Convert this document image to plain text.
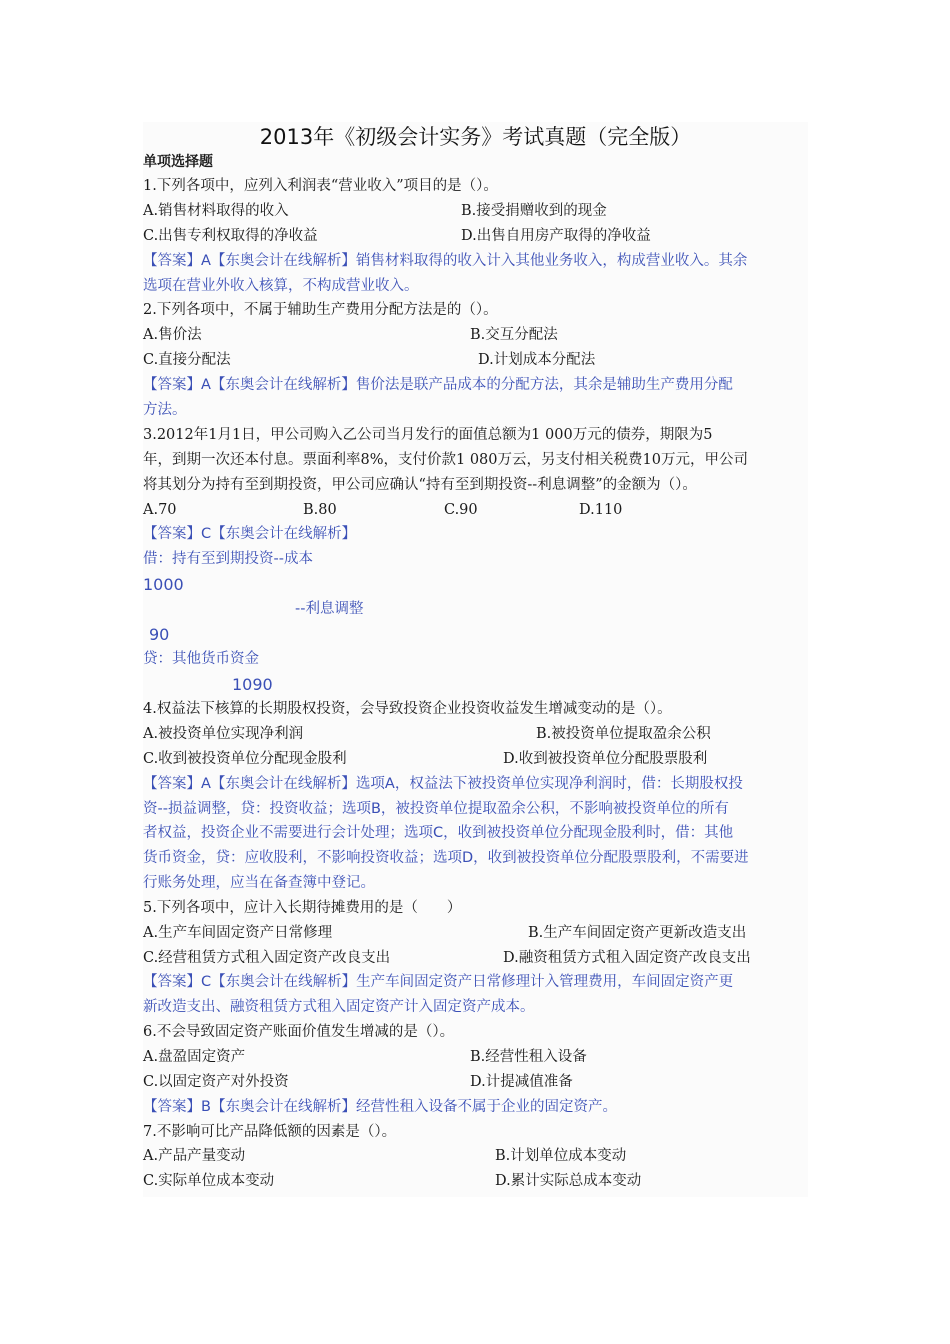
2013年《初级会计实务》考试真题（完全版）
单项选择题
1.下列各项中，应列入利润表“营业收入”项目的是（）。
A.销售材料取得的收入	B.接受捐赠收到的现金
C.出售专利权取得的净收益	D.出售自用房产取得的净收益
【答案】A【东奥会计在线解析】销售材料取得的收入计入其他业务收入，构成营业收入。其余
选项在营业外收入核算，不构成营业收入。
2.下列各项中，不属于辅助生产费用分配方法是的（）。
A.售价法	B.交互分配法
C.直接分配法	D.计划成本分配法
【答案】A【东奥会计在线解析】售价法是联产品成本的分配方法，其余是辅助生产费用分配
方法。
3.2012年1月1日，甲公司购入乙公司当月发行的面值总额为1 000万元的债券，期限为5
年，到期一次还本付息。票面利率8%，支付价款1 080万云，另支付相关税费10万元，甲公司
将其划分为持有至到期投资，甲公司应确认“持有至到期投资--利息调整”的金额为（）。
A.70	B.80	C.90	D.110
【答案】C【东奥会计在线解析】
借：持有至到期投资--成本
1000
--利息调整
90
贷：其他货币资金
1090
4.权益法下核算的长期股权投资，会导致投资企业投资收益发生增减变动的是（）。
A.被投资单位实现净利润	B.被投资单位提取盈余公积
C.收到被投资单位分配现金股利	D.收到被投资单位分配股票股利
【答案】A【东奥会计在线解析】选项A，权益法下被投资单位实现净利润时，借：长期股权投
资--损益调整，贷：投资收益；选项B，被投资单位提取盈余公积，不影响被投资单位的所有
者权益，投资企业不需要进行会计处理；选项C，收到被投资单位分配现金股利时，借：其他
货币资金，贷：应收股利，不影响投资收益；选项D，收到被投资单位分配股票股利，不需要进
行账务处理，应当在备查簿中登记。
5.下列各项中，应计入长期待摊费用的是（　　）
A.生产车间固定资产日常修理	B.生产车间固定资产更新改造支出
C.经营租赁方式租入固定资产改良支出	D.融资租赁方式租入固定资产改良支出
【答案】C【东奥会计在线解析】生产车间固定资产日常修理计入管理费用，车间固定资产更
新改造支出、融资租赁方式租入固定资产计入固定资产成本。
6.不会导致固定资产账面价值发生增减的是（）。
A.盘盈固定资产	B.经营性租入设备
C.以固定资产对外投资	D.计提减值准备
【答案】B【东奥会计在线解析】经营性租入设备不属于企业的固定资产。
7.不影响可比产品降低额的因素是（）。
A.产品产量变动	B.计划单位成本变动
C.实际单位成本变动	D.累计实际总成本变动
